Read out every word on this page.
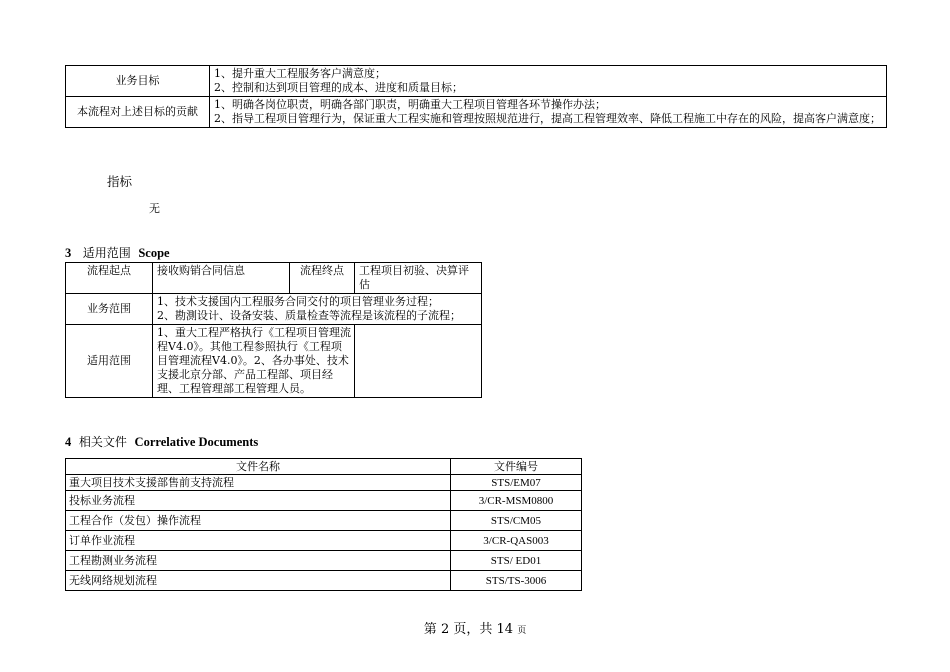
业务目标	1、提升重大工程服务客户满意度；
2、控制和达到项目管理的成本、进度和质量目标；

本流程对上述目标的贡献	1、明确各岗位职责，明确各部门职责，明确重大工程项目管理各环节操作办法；
2、指导工程项目管理行为，保证重大工程实施和管理按照规范进行，提高工程管理效率、降低工程施工中存在的风险，提高客户满意度；
指标
无
3 适用范围 Scope
流程起点	接收购销合同信息	流程终点	工程项目初验、决算评估
业务范围	1、技术支援国内工程服务合同交付的项目管理业务过程；
2、勘測设计、设备安装、质量检查等流程是该流程的子流程；		

适用范围	1、重大工程严格执行《工程项目管理流程V4.0》。其他工程参照执行《工程项目管理流程V4.0》。2、各办事处、技术支援北京分部、产品工程部、项目经理、工程管理部工程管理人员。		
4 相关文件 Correlative Documents
文件名称	文件编号
重大项目技术支援部售前支持流程	STS/EM07
投标业务流程	3/CR-MSM0800
工程合作（发包）操作流程	STS/CM05
订单作业流程	3/CR-QAS003
工程勘测业务流程	STS/ ED01
无线网络规划流程	STS/TS-3006
第 2 页，共 14 页
